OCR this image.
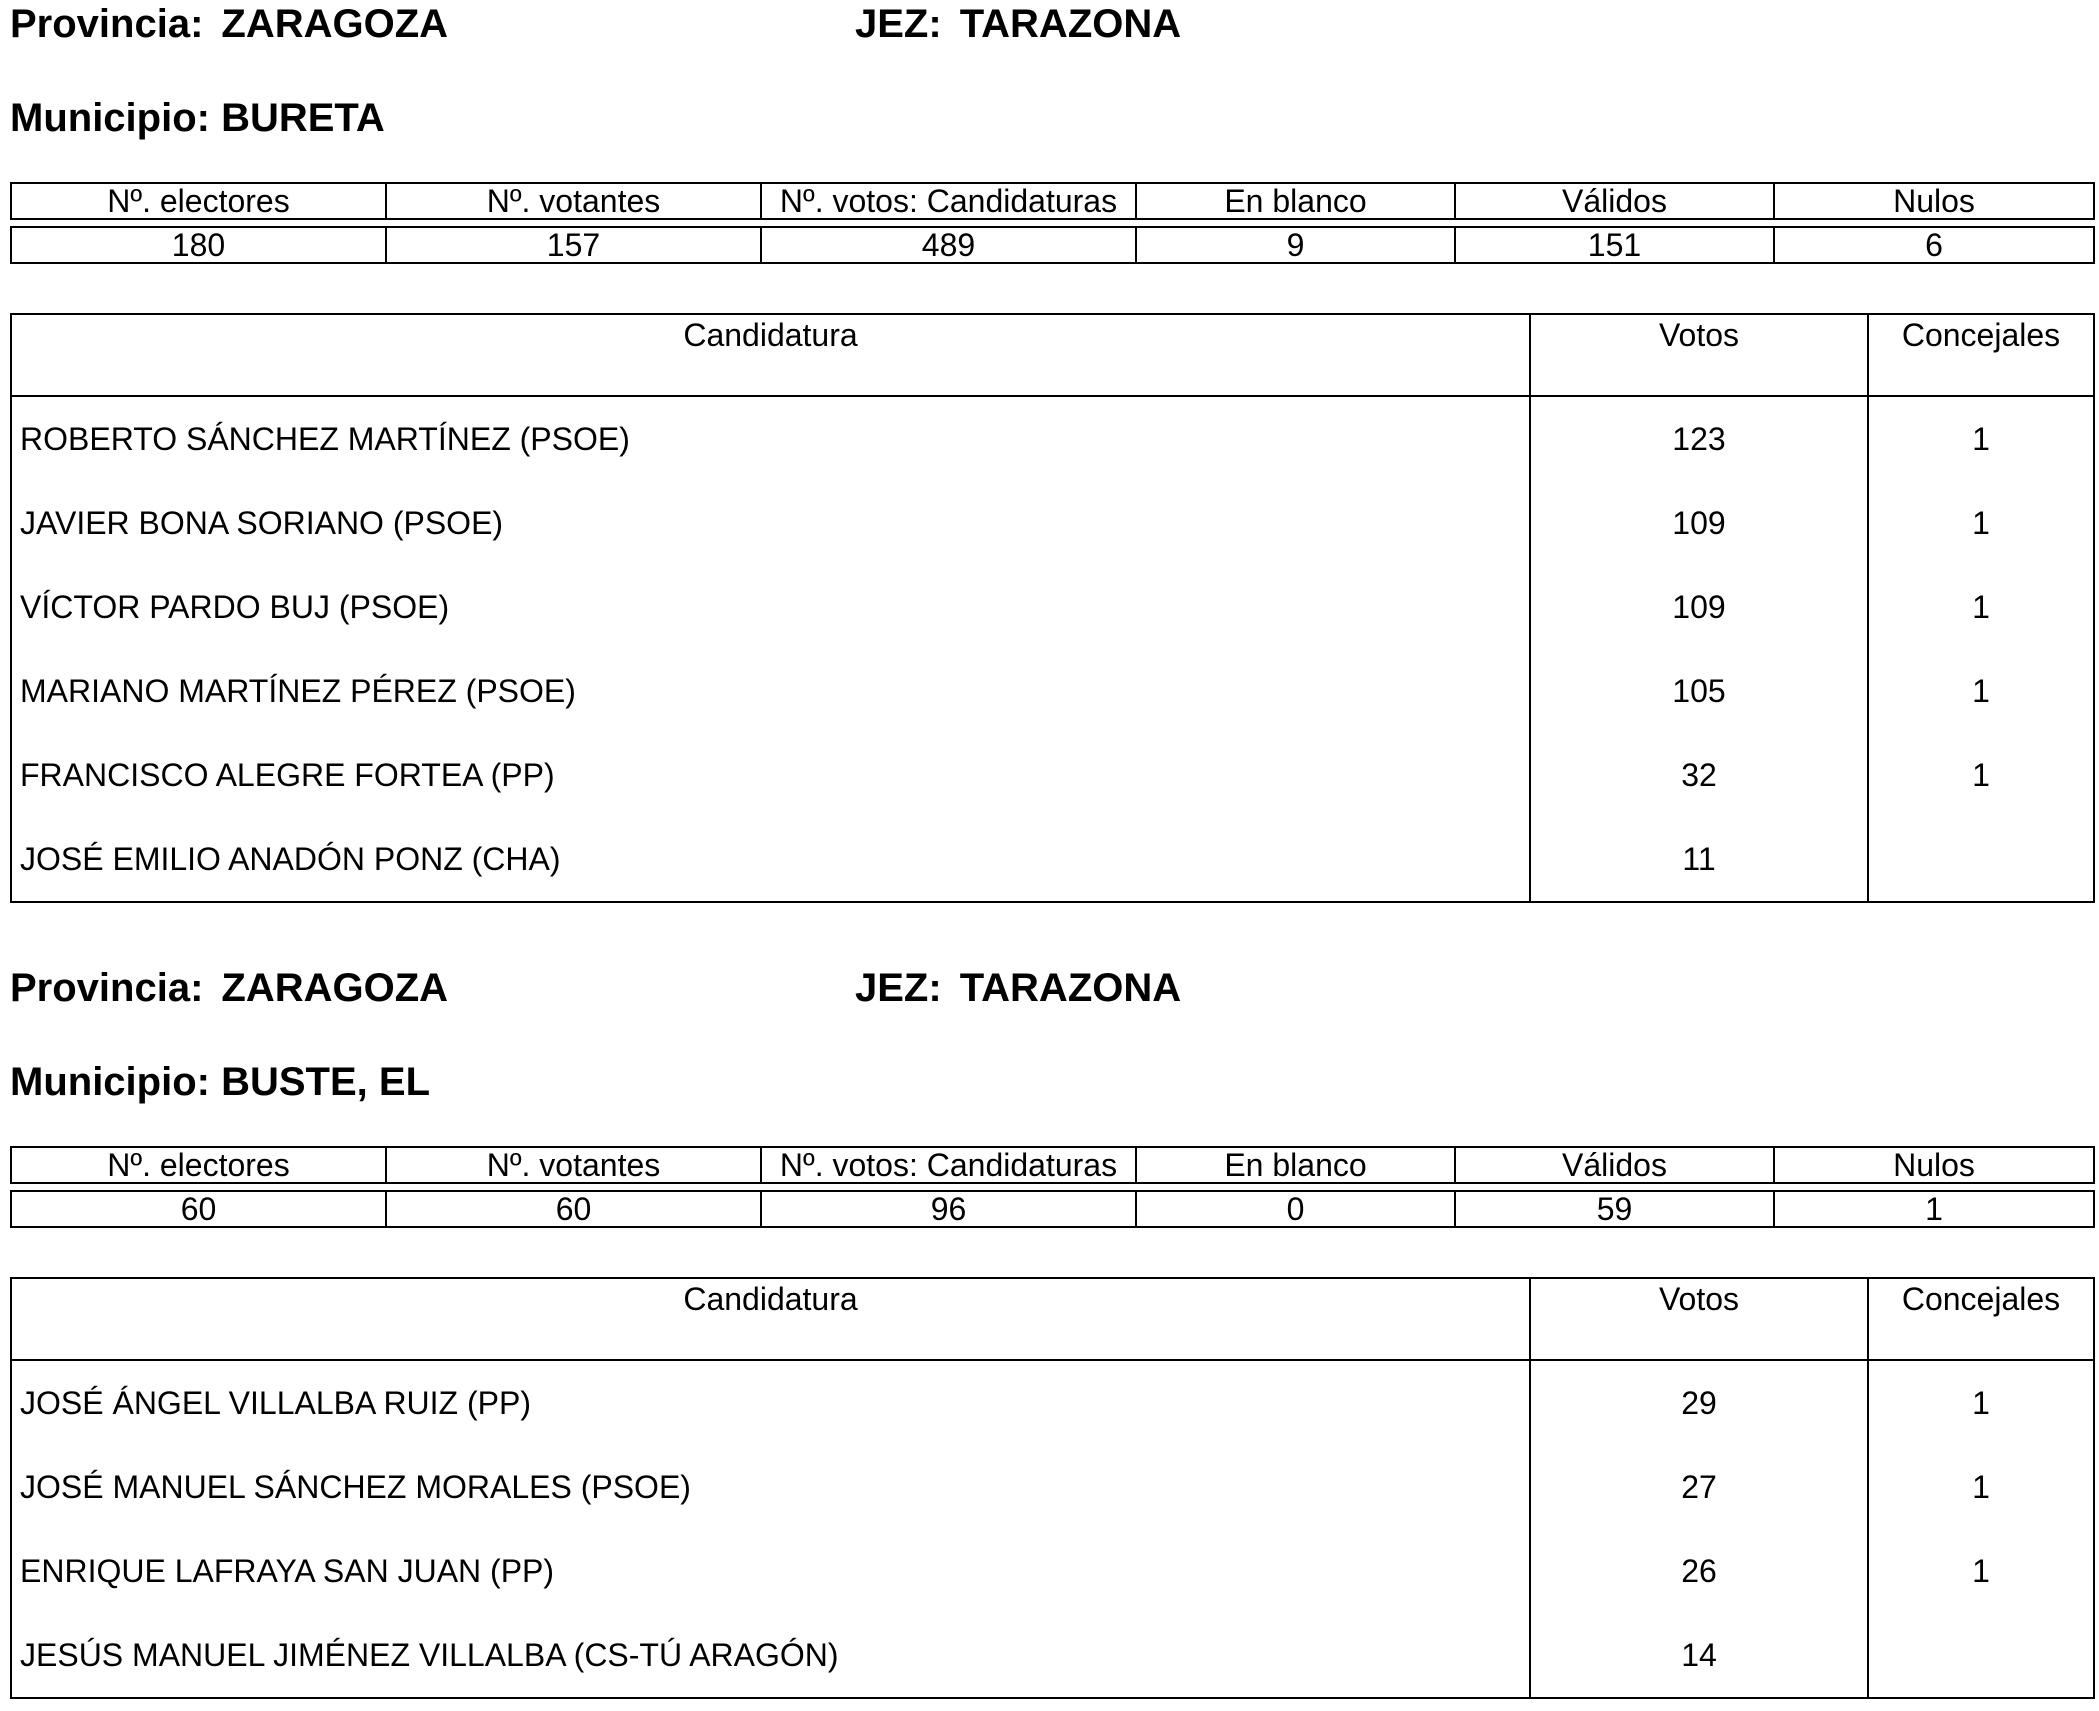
Provincia: ZARAGOZA	JEZ: TARAZONA
Municipio: BURETA
Nº. electores	Nº. votantes	Nº. votos: Candidaturas	En blanco	Válidos	Nulos
180	157	489	9	151	6
Candidatura	Votos	Concejales
ROBERTO SÁNCHEZ MARTÍNEZ (PSOE)	123	1
JAVIER BONA SORIANO (PSOE)	109	1
VÍCTOR PARDO BUJ (PSOE)	109	1
MARIANO MARTÍNEZ PÉREZ (PSOE)	105	1
FRANCISCO ALEGRE FORTEA (PP)	32	1
JOSÉ EMILIO ANADÓN PONZ (CHA)	11	
Provincia: ZARAGOZA	JEZ: TARAZONA
Municipio: BUSTE, EL
Nº. electores	Nº. votantes	Nº. votos: Candidaturas	En blanco	Válidos	Nulos
60	60	96	0	59	1
Candidatura	Votos	Concejales
JOSÉ ÁNGEL VILLALBA RUIZ (PP)	29	1
JOSÉ MANUEL SÁNCHEZ MORALES (PSOE)	27	1
ENRIQUE LAFRAYA SAN JUAN (PP)	26	1
JESÚS MANUEL JIMÉNEZ VILLALBA (CS-TÚ ARAGÓN)	14	
